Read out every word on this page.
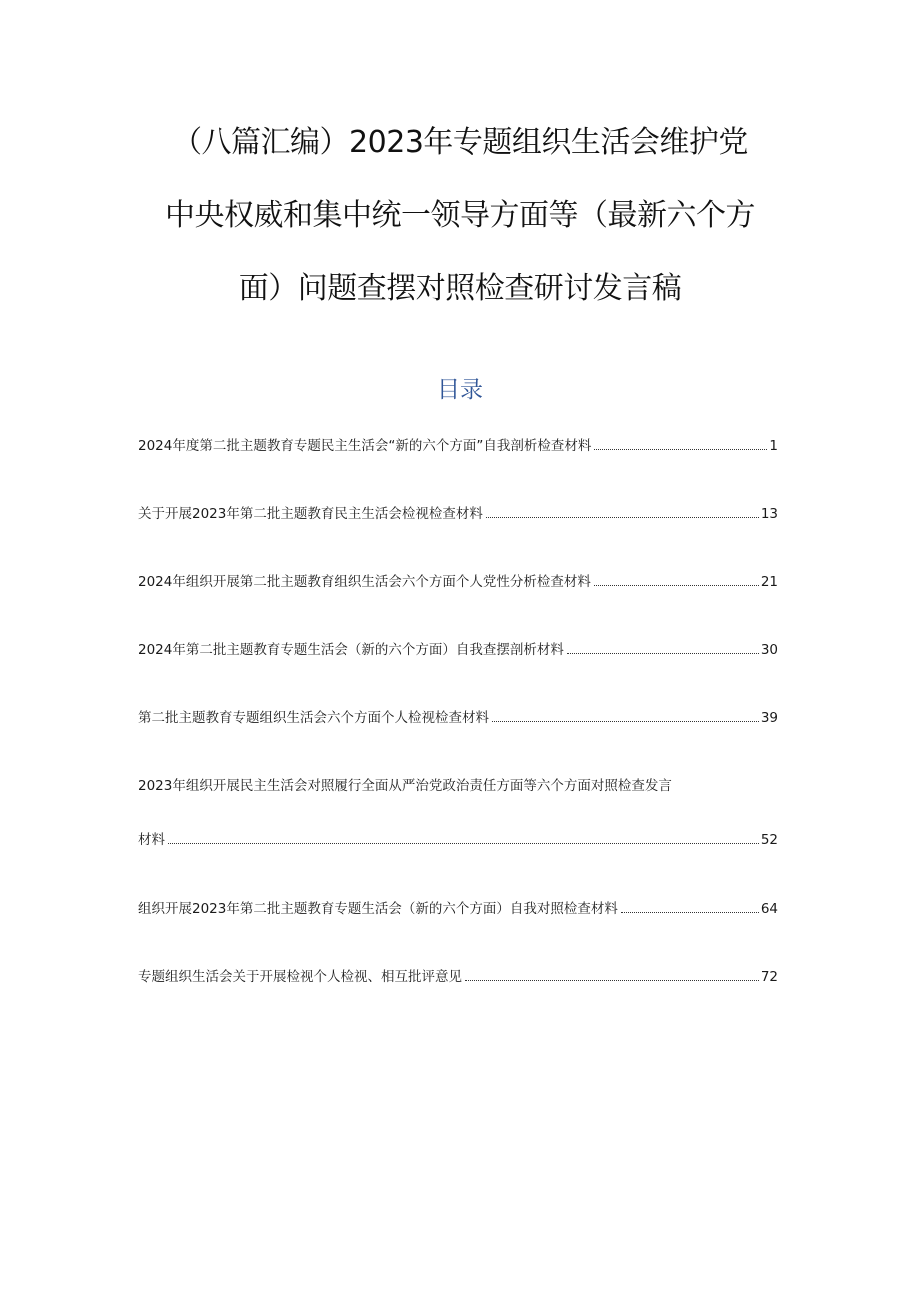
（八篇汇编）2023年专题组织生活会维护党
中央权威和集中统一领导方面等（最新六个方
面）问题查摆对照检查研讨发言稿
目录
2024年度第二批主题教育专题民主生活会“新的六个方面”自我剖析检查材料	1
关于开展2023年第二批主题教育民主生活会检视检查材料	13
2024年组织开展第二批主题教育组织生活会六个方面个人党性分析检查材料	21
2024年第二批主题教育专题生活会（新的六个方面）自我查摆剖析材料	30
第二批主题教育专题组织生活会六个方面个人检视检查材料	39
2023年组织开展民主生活会对照履行全面从严治党政治责任方面等六个方面对照检查发言
材料	52
组织开展2023年第二批主题教育专题生活会（新的六个方面）自我对照检查材料	64
专题组织生活会关于开展检视个人检视、相互批评意见	72
